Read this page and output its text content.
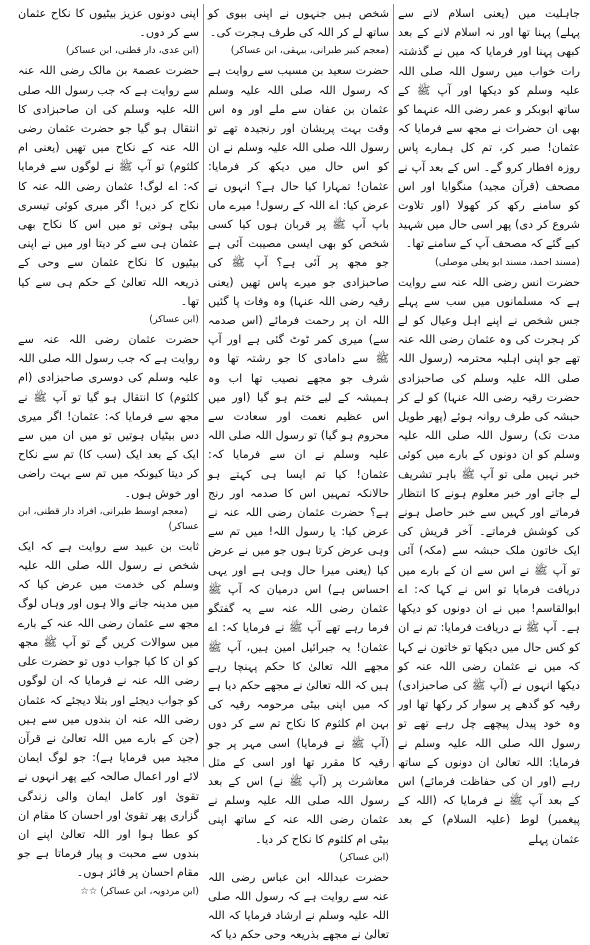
جاہلیت میں (یعنی اسلام لانے سے پہلے) پہنا تھا اور نہ اسلام لانے کے بعد کبھی پہنا اور فرمایا کہ میں نے گذشتہ رات خواب میں رسول اللہ صلی اللہ علیہ وسلم کو دیکھا اور آپ ﷺ کے ساتھ ابوبکر و عمر رضی اللہ عنہما کو بھی ان حضرات نے مجھ سے فرمایا کہ عثمان! صبر کر، تم کل ہمارے پاس روزہ افطار کرو گے۔ اس کے بعد آپ نے مصحف (قرآن مجید) منگوایا اور اس کو سامنے رکھ کر کھولا (اور تلاوت شروع کر دی) پھر اسی حال میں شہید کیے گئے کہ مصحف آپ کے سامنے تھا۔

(مسند احمد، مسند ابو یعلی موصلی)

حضرت انس رضی اللہ عنہ سے روایت ہے کہ مسلمانوں میں سب سے پہلے جس شخص نے اپنے اہل وعیال کو لے کر ہجرت کی وہ عثمان رضی اللہ عنہ تھے جو اپنی اہلیہ محترمہ (رسول اللہ صلی اللہ علیہ وسلم کی صاحبزادی حضرت رقیہ رضی اللہ عنہا) کو لے کر حبشہ کی طرف روانہ ہوئے (پھر طویل مدت تک) رسول اللہ صلی اللہ علیہ وسلم کو ان دونوں کے بارے میں کوئی خبر نہیں ملی تو آپ ﷺ باہر تشریف لے جاتے اور خبر معلوم ہونے کا انتظار فرماتے اور کہیں سے خبر حاصل ہونے کی کوشش فرماتے۔ آخر قریش کی ایک خاتون ملک حبشہ سے (مکہ) آئی تو آپ ﷺ نے اس سے ان کے بارے میں دریافت فرمایا تو اس نے کہا کہ: اے ابوالقاسم! میں نے ان دونوں کو دیکھا ہے۔ آپ ﷺ نے دریافت فرمایا: تم نے ان کو کس حال میں دیکھا تو خاتون نے کہا کہ میں نے عثمان رضی اللہ عنہ کو دیکھا انہوں نے (آپ ﷺ کی صاحبزادی) رقیہ کو گدھے پر سوار کر رکھا تھا اور وہ خود پیدل پیچھے چل رہے تھے تو رسول اللہ صلی اللہ علیہ وسلم نے فرمایا: اللہ تعالیٰ ان دونوں کے ساتھ رہے (اور ان کی حفاظت فرمائے) اس کے بعد آپ ﷺ نے فرمایا کہ (اللہ کے پیغمبر) لوط (علیہ السلام) کے بعد عثمان پہلے

شخص ہیں جنہوں نے اپنی بیوی کو ساتھ لے کر اللہ کی طرف ہجرت کی۔

(معجم کبیر طبرانی، بیہقی، ابن عساکر)

حضرت سعید بن مسیب سے روایت ہے کہ رسول اللہ صلی اللہ علیہ وسلم عثمان بن عفان سے ملے اور وہ اس وقت بہت پریشان اور رنجیدہ تھے تو رسول اللہ صلی اللہ علیہ وسلم نے ان کو اس حال میں دیکھ کر فرمایا: عثمان! تمہارا کیا حال ہے؟ انہوں نے عرض کیا: اے اللہ کے رسول! میرے ماں باپ آپ ﷺ پر قربان ہوں کیا کسی شخص کو بھی ایسی مصیبت آئی ہے جو مجھ پر آئی ہے؟ آپ ﷺ کی صاحبزادی جو میرے پاس تھیں (یعنی رقیہ رضی اللہ عنہا) وہ وفات پا گئیں اللہ ان پر رحمت فرمائے (اس صدمہ سے) میری کمر ٹوٹ گئی ہے اور آپ ﷺ سے دامادی کا جو رشتہ تھا وہ شرف جو مجھے نصیب تھا اب وہ ہمیشہ کے لیے ختم ہو گیا (اور میں اس عظیم نعمت اور سعادت سے محروم ہو گیا) تو رسول اللہ صلی اللہ علیہ وسلم نے ان سے فرمایا کہ: عثمان! کیا تم ایسا ہی کہتے ہو حالانکہ تمہیں اس کا صدمہ اور رنج ہے؟ حضرت عثمان رضی اللہ عنہ نے عرض کیا: یا رسول اللہ! میں تم سے وہی عرض کرتا ہوں جو میں نے عرض کیا (یعنی میرا حال وہی ہے اور یہی احساس ہے) اس درمیان کہ آپ ﷺ عثمان رضی اللہ عنہ سے یہ گفتگو فرما رہے تھے آپ ﷺ نے فرمایا کہ: اے عثمان! یہ جبرائیل امین ہیں، آپ ﷺ مجھے اللہ تعالیٰ کا حکم پہنچا رہے ہیں کہ اللہ تعالیٰ نے مجھے حکم دیا ہے کہ میں اپنی بیٹی مرحومہ رقیہ کی بہن ام کلثوم کا نکاح تم سے کر دوں (آپ ﷺ نے فرمایا) اسی مہر پر جو رقیہ کا مقرر تھا اور اسی کے مثل معاشرت پر (آپ ﷺ نے) اس کے بعد رسول اللہ صلی اللہ علیہ وسلم نے عثمان رضی اللہ عنہ کے ساتھ اپنی بیٹی ام کلثوم کا نکاح کر دیا۔

(ابن عساکر)

حضرت عبداللہ ابن عباس رضی اللہ عنہ سے روایت ہے کہ رسول اللہ صلی اللہ علیہ وسلم نے ارشاد فرمایا کہ اللہ تعالیٰ نے مجھے بذریعہ وحی حکم دیا کہ

اپنی دونوں عزیز بیٹیوں کا نکاح عثمان سے کر دوں۔

(ابن عدی، دار قطنی، ابن عساکر)

حضرت عصمۃ بن مالک رضی اللہ عنہ سے روایت ہے کہ جب رسول اللہ صلی اللہ علیہ وسلم کی ان صاحبزادی کا انتقال ہو گیا جو حضرت عثمان رضی اللہ عنہ کے نکاح میں تھیں (یعنی ام کلثوم) تو آپ ﷺ نے لوگوں سے فرمایا کہ: اے لوگ! عثمان رضی اللہ عنہ کا نکاح کر دیں! اگر میری کوئی تیسری بیٹی ہوتی تو میں اس کا نکاح بھی عثمان ہی سے کر دیتا اور میں نے اپنی بیٹیوں کا نکاح عثمان سے وحی کے ذریعہ اللہ تعالیٰ کے حکم ہی سے کیا تھا۔

(ابن عساکر)

حضرت عثمان رضی اللہ عنہ سے روایت ہے کہ جب رسول اللہ صلی اللہ علیہ وسلم کی دوسری صاحبزادی (ام کلثوم) کا انتقال ہو گیا تو آپ ﷺ نے مجھ سے فرمایا کہ: عثمان! اگر میری دس بیٹیاں ہوتیں تو میں ان میں سے ایک کے بعد ایک (سب کا) تم سے نکاح کر دیتا کیونکہ میں تم سے بہت راضی اور خوش ہوں۔

(معجم اوسط طبرانی، افراد دار قطنی، ابن عساکر)

ثابت بن عبید سے روایت ہے کہ ایک شخص نے رسول اللہ صلی اللہ علیہ وسلم کی خدمت میں عرض کیا کہ میں مدینہ جانے والا ہوں اور وہاں لوگ مجھ سے عثمان رضی اللہ عنہ کے بارے میں سوالات کریں گے تو آپ ﷺ مجھ کو ان کا کیا جواب دوں تو حضرت علی رضی اللہ عنہ نے فرمایا کہ ان لوگوں کو جواب دیجئے اور بتلا دیجئے کہ عثمان رضی اللہ عنہ ان بندوں میں سے ہیں (جن کے بارے میں اللہ تعالیٰ نے قرآن مجید میں فرمایا ہے): جو لوگ ایمان لائے اور اعمال صالحہ کیے پھر انہوں نے تقویٰ اور کامل ایمان والی زندگی گزاری پھر تقویٰ اور احسان کا مقام ان کو عطا ہوا اور اللہ تعالیٰ اپنے ان بندوں سے محبت و پیار فرماتا ہے جو مقام احسان پر فائز ہوں۔

(ابن مردویہ، ابن عساکر) ☆☆
